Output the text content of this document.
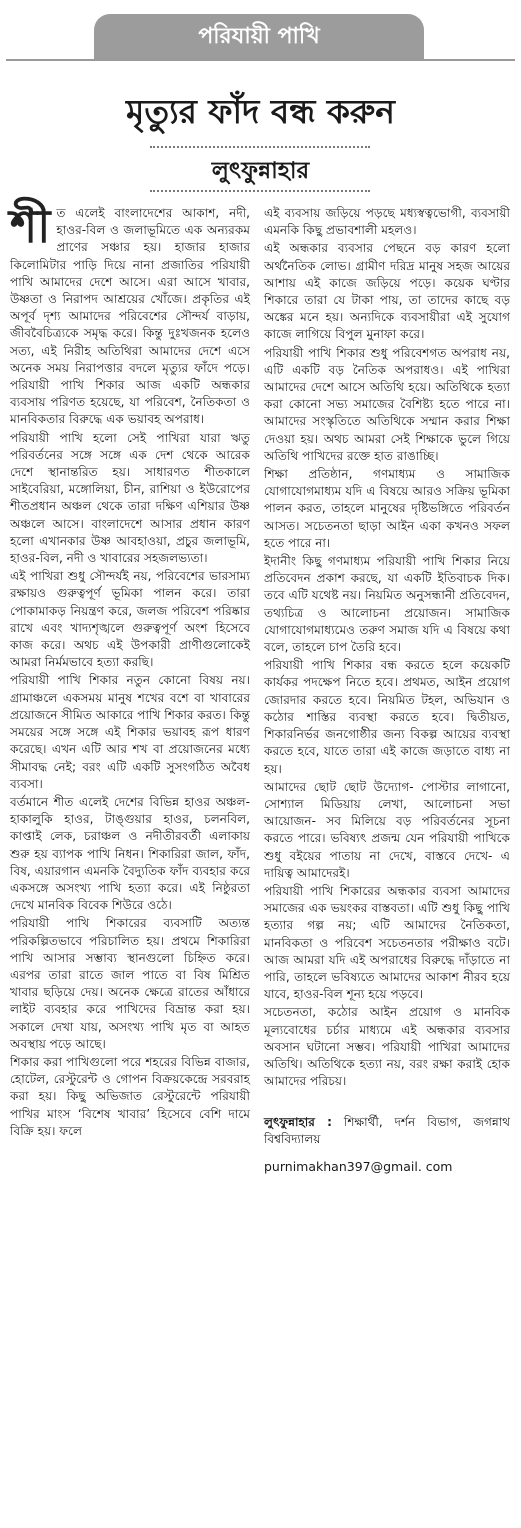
পরিযায়ী পাখি
মৃত্যুর ফাঁদ বন্ধ করুন
লুৎফুন্নাহার
শী ত এলেই বাংলাদেশের আকাশ, নদী, হাওর-বিল ও জলাভূমিতে এক অন্যরকম প্রাণের সঞ্চার হয়। হাজার হাজার কিলোমিটার পাড়ি দিয়ে নানা প্রজাতির পরিযায়ী পাখি আমাদের দেশে আসে। এরা আসে খাবার, উষ্ণতা ও নিরাপদ আশ্রয়ের খোঁজে। প্রকৃতির এই অপূর্ব দৃশ্য আমাদের পরিবেশের সৌন্দর্য বাড়ায়, জীববৈচিত্র্যকে সমৃদ্ধ করে। কিন্তু দুঃখজনক হলেও সত্য, এই নিরীহ অতিথিরা আমাদের দেশে এসে অনেক সময় নিরাপত্তার বদলে মৃত্যুর ফাঁদে পড়ে। পরিযায়ী পাখি শিকার আজ একটি অন্ধকার ব্যবসায় পরিণত হয়েছে, যা পরিবেশ, নৈতিকতা ও মানবিকতার বিরুদ্ধে এক ভয়াবহ অপরাধ।

পরিযায়ী পাখি হলো সেই পাখিরা যারা ঋতু পরিবর্তনের সঙ্গে সঙ্গে এক দেশ থেকে আরেক দেশে স্থানান্তরিত হয়। সাধারণত শীতকালে সাইবেরিয়া, মঙ্গোলিয়া, চীন, রাশিয়া ও ইউরোপের শীতপ্রধান অঞ্চল থেকে তারা দক্ষিণ এশিয়ার উষ্ণ অঞ্চলে আসে। বাংলাদেশে আসার প্রধান কারণ হলো এখানকার উষ্ণ আবহাওয়া, প্রচুর জলাভূমি, হাওর-বিল, নদী ও খাবারের সহজলভ্যতা।

এই পাখিরা শুধু সৌন্দর্যই নয়, পরিবেশের ভারসাম্য রক্ষায়ও গুরুত্বপূর্ণ ভূমিকা পালন করে। তারা পোকামাকড় নিয়ন্ত্রণ করে, জলজ পরিবেশ পরিষ্কার রাখে এবং খাদ্যশৃঙ্খলে গুরুত্বপূর্ণ অংশ হিসেবে কাজ করে। অথচ এই উপকারী প্রাণীগুলোকেই আমরা নির্মমভাবে হত্যা করছি।

পরিযায়ী পাখি শিকার নতুন কোনো বিষয় নয়। গ্রামাঞ্চলে একসময় মানুষ শখের বশে বা খাবারের প্রয়োজনে সীমিত আকারে পাখি শিকার করত। কিন্তু সময়ের সঙ্গে সঙ্গে এই শিকার ভয়াবহ রূপ ধারণ করেছে। এখন এটি আর শখ বা প্রয়োজনের মধ্যে সীমাবদ্ধ নেই; বরং এটি একটি সুসংগঠিত অবৈধ ব্যবসা।

বর্তমানে শীত এলেই দেশের বিভিন্ন হাওর অঞ্চল- হাকালুকি হাওর, টাঙ্গুয়ার হাওর, চলনবিল, কাপ্তাই লেক, চরাঞ্চল ও নদীতীরবর্তী এলাকায় শুরু হয় ব্যাপক পাখি নিধন। শিকারিরা জাল, ফাঁদ, বিষ, এয়ারগান এমনকি বৈদ্যুতিক ফাঁদ ব্যবহার করে একসঙ্গে অসংখ্য পাখি হত্যা করে। এই নিষ্ঠুরতা দেখে মানবিক বিবেক শিউরে ওঠে।

পরিযায়ী পাখি শিকারের ব্যবসাটি অত্যন্ত পরিকল্পিতভাবে পরিচালিত হয়। প্রথমে শিকারিরা পাখি আসার সম্ভাব্য স্থানগুলো চিহ্নিত করে। এরপর তারা রাতে জাল পাতে বা বিষ মিশ্রিত খাবার ছড়িয়ে দেয়। অনেক ক্ষেত্রে রাতের আঁধারে লাইট ব্যবহার করে পাখিদের বিভ্রান্ত করা হয়। সকালে দেখা যায়, অসংখ্য পাখি মৃত বা আহত অবস্থায় পড়ে আছে।

শিকার করা পাখিগুলো পরে শহরের বিভিন্ন বাজার, হোটেল, রেস্টুরেন্ট ও গোপন বিক্রয়কেন্দ্রে সরবরাহ করা হয়। কিছু অভিজাত রেস্টুরেন্টে পরিযায়ী পাখির মাংস ‘বিশেষ খাবার’ হিসেবে বেশি দামে বিক্রি হয়। ফলে

এই ব্যবসায় জড়িয়ে পড়ছে মধ্যস্বত্বভোগী, ব্যবসায়ী এমনকি কিছু প্রভাবশালী মহলও।

এই অন্ধকার ব্যবসার পেছনে বড় কারণ হলো অর্থনৈতিক লোভ। গ্রামীণ দরিদ্র মানুষ সহজ আয়ের আশায় এই কাজে জড়িয়ে পড়ে। কয়েক ঘণ্টার শিকারে তারা যে টাকা পায়, তা তাদের কাছে বড় অঙ্কের মনে হয়। অন্যদিকে ব্যবসায়ীরা এই সুযোগ কাজে লাগিয়ে বিপুল মুনাফা করে।

পরিযায়ী পাখি শিকার শুধু পরিবেশগত অপরাধ নয়, এটি একটি বড় নৈতিক অপরাধও। এই পাখিরা আমাদের দেশে আসে অতিথি হয়ে। অতিথিকে হত্যা করা কোনো সভ্য সমাজের বৈশিষ্ট্য হতে পারে না। আমাদের সংস্কৃতিতে অতিথিকে সম্মান করার শিক্ষা দেওয়া হয়। অথচ আমরা সেই শিক্ষাকে ভুলে গিয়ে অতিথি পাখিদের রক্তে হাত রাঙাচ্ছি।

শিক্ষা প্রতিষ্ঠান, গণমাধ্যম ও সামাজিক যোগাযোগমাধ্যম যদি এ বিষয়ে আরও সক্রিয় ভূমিকা পালন করত, তাহলে মানুষের দৃষ্টিভঙ্গিতে পরিবর্তন আসত। সচেতনতা ছাড়া আইন একা কখনও সফল হতে পারে না।

ইদানীং কিছু গণমাধ্যম পরিযায়ী পাখি শিকার নিয়ে প্রতিবেদন প্রকাশ করছে, যা একটি ইতিবাচক দিক। তবে এটি যথেষ্ট নয়। নিয়মিত অনুসন্ধানী প্রতিবেদন, তথ্যচিত্র ও আলোচনা প্রয়োজন। সামাজিক যোগাযোগমাধ্যমেও তরুণ সমাজ যদি এ বিষয়ে কথা বলে, তাহলে চাপ তৈরি হবে।

পরিযায়ী পাখি শিকার বন্ধ করতে হলে কয়েকটি কার্যকর পদক্ষেপ নিতে হবে। প্রথমত, আইন প্রয়োগ জোরদার করতে হবে। নিয়মিত টহল, অভিযান ও কঠোর শাস্তির ব্যবস্থা করতে হবে। দ্বিতীয়ত, শিকারনির্ভর জনগোষ্ঠীর জন্য বিকল্প আয়ের ব্যবস্থা করতে হবে, যাতে তারা এই কাজে জড়াতে বাধ্য না হয়।

আমাদের ছোট ছোট উদ্যোগ- পোস্টার লাগানো, সোশ্যাল মিডিয়ায় লেখা, আলোচনা সভা আয়োজন- সব মিলিয়ে বড় পরিবর্তনের সূচনা করতে পারে। ভবিষ্যৎ প্রজন্ম যেন পরিযায়ী পাখিকে শুধু বইয়ের পাতায় না দেখে, বাস্তবে দেখে- এ দায়িত্ব আমাদেরই।

পরিযায়ী পাখি শিকারের অন্ধকার ব্যবসা আমাদের সমাজের এক ভয়ংকর বাস্তবতা। এটি শুধু কিছু পাখি হত্যার গল্প নয়; এটি আমাদের নৈতিকতা, মানবিকতা ও পরিবেশ সচেতনতার পরীক্ষাও বটে। আজ আমরা যদি এই অপরাধের বিরুদ্ধে দাঁড়াতে না পারি, তাহলে ভবিষ্যতে আমাদের আকাশ নীরব হয়ে যাবে, হাওর-বিল শূন্য হয়ে পড়বে।

সচেতনতা, কঠোর আইন প্রয়োগ ও মানবিক মূল্যবোধের চর্চার মাধ্যমে এই অন্ধকার ব্যবসার অবসান ঘটানো সম্ভব। পরিযায়ী পাখিরা আমাদের অতিথি। অতিথিকে হত্যা নয়, বরং রক্ষা করাই হোক আমাদের পরিচয়।

লুৎফুন্নাহার : শিক্ষার্থী, দর্শন বিভাগ, জগন্নাথ বিশ্ববিদ্যালয়
purnimakhan397@gmail. com
